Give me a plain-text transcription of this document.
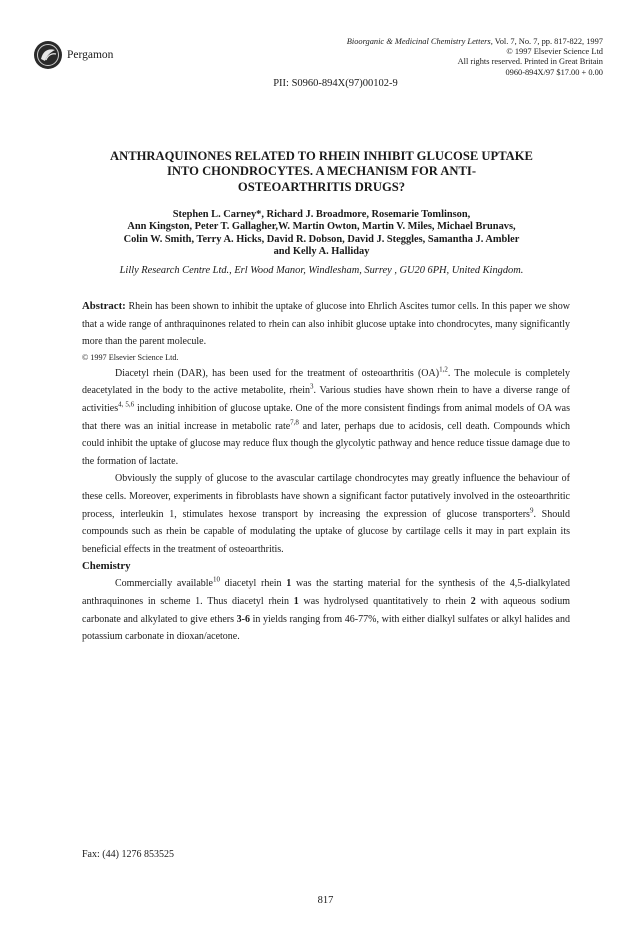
Pergamon
Bioorganic & Medicinal Chemistry Letters, Vol. 7, No. 7, pp. 817-822, 1997
© 1997 Elsevier Science Ltd
All rights reserved. Printed in Great Britain
0960-894X/97 $17.00 + 0.00
PII: S0960-894X(97)00102-9
ANTHRAQUINONES RELATED TO RHEIN INHIBIT GLUCOSE UPTAKE
INTO CHONDROCYTES. A MECHANISM FOR ANTI-
OSTEOARTHRITIS DRUGS?
Stephen L. Carney*, Richard J. Broadmore, Rosemarie Tomlinson,
Ann Kingston, Peter T. Gallagher,W. Martin Owton, Martin V. Miles, Michael Brunavs,
Colin W. Smith, Terry A. Hicks, David R. Dobson, David J. Steggles, Samantha J. Ambler
and Kelly A. Halliday
Lilly Research Centre Ltd., Erl Wood Manor, Windlesham, Surrey , GU20 6PH, United Kingdom.

Abstract: Rhein has been shown to inhibit the uptake of glucose into Ehrlich Ascites tumor cells. In this paper we show that a wide range of anthraquinones related to rhein can also inhibit glucose uptake into chondrocytes, many significantly more than the parent molecule.

© 1997 Elsevier Science Ltd.

Diacetyl rhein (DAR), has been used for the treatment of osteoarthritis (OA)$^{1,2}$. The molecule is completely deacetylated in the body to the active metabolite, rhein$^3$. Various studies have shown rhein to have a diverse range of activities$^{4, 5,6}$ including inhibition of glucose uptake. One of the more consistent findings from animal models of OA was that there was an initial increase in metabolic rate$^{7,8}$ and later, perhaps due to acidosis, cell death. Compounds which could inhibit the uptake of glucose may reduce flux though the glycolytic pathway and hence reduce tissue damage due to the formation of lactate.

Obviously the supply of glucose to the avascular cartilage chondrocytes may greatly influence the behaviour of these cells. Moreover, experiments in fibroblasts have shown a significant factor putatively involved in the osteoarthritic process, interleukin 1, stimulates hexose transport by increasing the expression of glucose transporters$^9$. Should compounds such as rhein be capable of modulating the uptake of glucose by cartilage cells it may in part explain its beneficial effects in the treatment of osteoarthritis.

Chemistry

Commercially available$^{10}$ diacetyl rhein 1 was the starting material for the synthesis of the 4,5-dialkylated anthraquinones in scheme 1. Thus diacetyl rhein 1 was hydrolysed quantitatively to rhein 2 with aqueous sodium carbonate and alkylated to give ethers 3-6 in yields ranging from 46-77%, with either dialkyl sulfates or alkyl halides and potassium carbonate in dioxan/acetone.

Fax: (44) 1276 853525
817
